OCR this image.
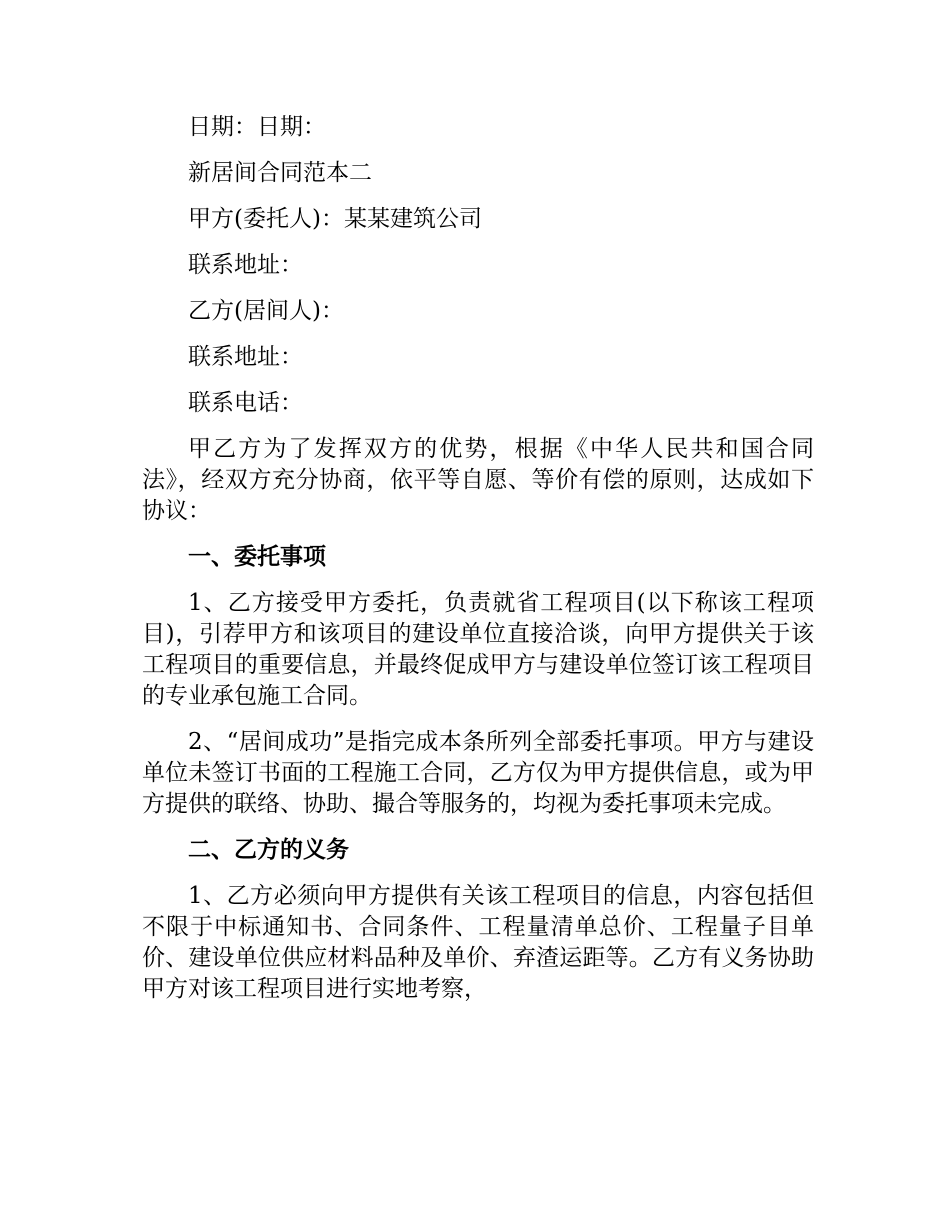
日期：日期：
新居间合同范本二
甲方(委托人)：某某建筑公司
联系地址：
乙方(居间人)：
联系地址：
联系电话：

甲乙方为了发挥双方的优势，根据《中华人民共和国合同法》，经双方充分协商，依平等自愿、等价有偿的原则，达成如下协议：

一、委托事项

1、乙方接受甲方委托，负责就省工程项目(以下称该工程项目)，引荐甲方和该项目的建设单位直接洽谈，向甲方提供关于该工程项目的重要信息，并最终促成甲方与建设单位签订该工程项目的专业承包施工合同。

2、“居间成功”是指完成本条所列全部委托事项。甲方与建设单位未签订书面的工程施工合同，乙方仅为甲方提供信息，或为甲方提供的联络、协助、撮合等服务的，均视为委托事项未完成。

二、乙方的义务

1、乙方必须向甲方提供有关该工程项目的信息，内容包括但不限于中标通知书、合同条件、工程量清单总价、工程量子目单价、建设单位供应材料品种及单价、弃渣运距等。乙方有义务协助甲方对该工程项目进行实地考察，
